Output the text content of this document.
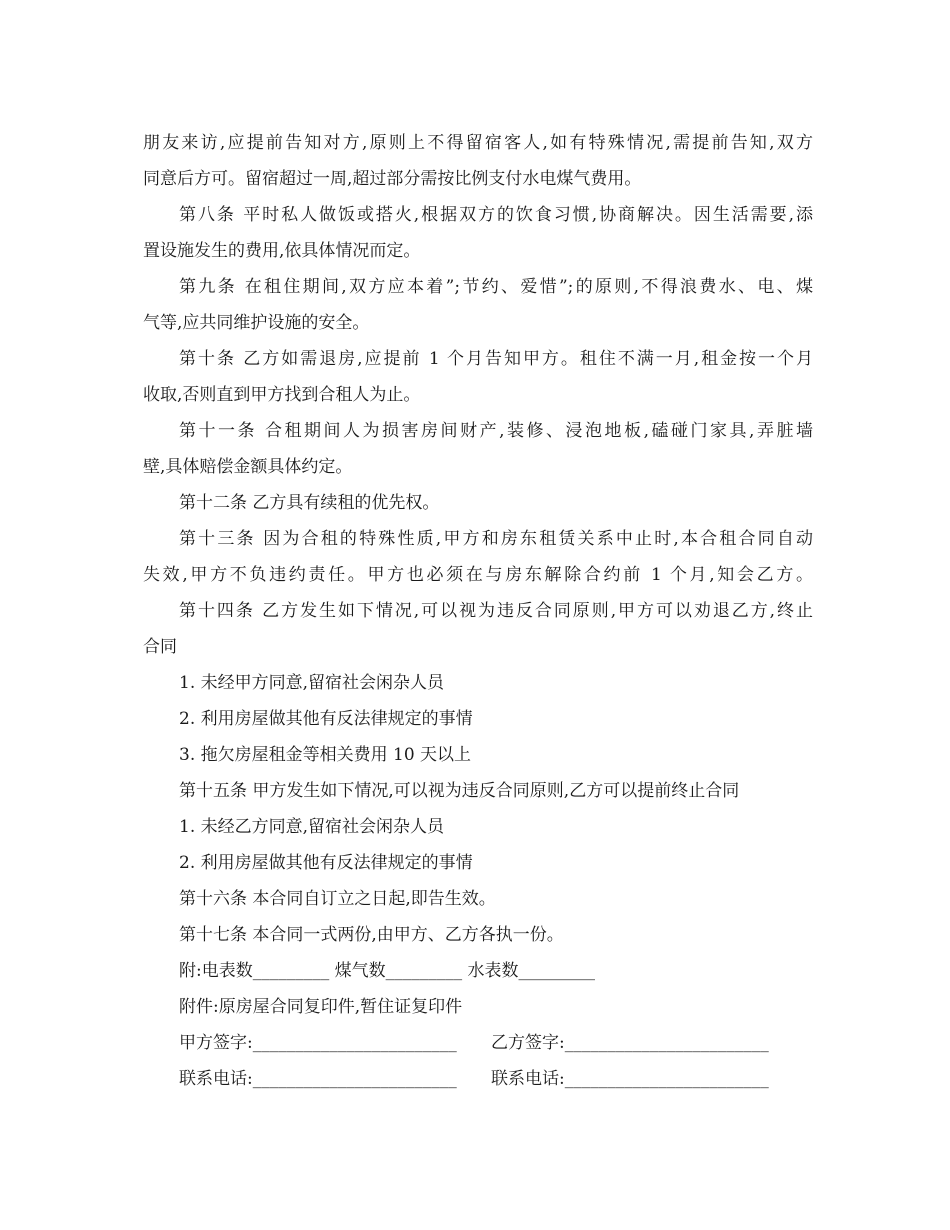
朋友来访,应提前告知对方,原则上不得留宿客人,如有特殊情况,需提前告知,双方
同意后方可。留宿超过一周,超过部分需按比例支付水电煤气费用。
第八条 平时私人做饭或搭火,根据双方的饮食习惯,协商解决。因生活需要,添
置设施发生的费用,依具体情况而定。
第九条 在租住期间,双方应本着”;节约、爱惜”;的原则,不得浪费水、电、煤
气等,应共同维护设施的安全。
第十条 乙方如需退房,应提前 1 个月告知甲方。租住不满一月,租金按一个月
收取,否则直到甲方找到合租人为止。
第十一条 合租期间人为损害房间财产,装修、浸泡地板,磕碰门家具,弄脏墙
壁,具体赔偿金额具体约定。
第十二条 乙方具有续租的优先权。
第十三条 因为合租的特殊性质,甲方和房东租赁关系中止时,本合租合同自动
失效,甲方不负违约责任。甲方也必须在与房东解除合约前 1 个月,知会乙方。
第十四条 乙方发生如下情况,可以视为违反合同原则,甲方可以劝退乙方,终止
合同
1. 未经甲方同意,留宿社会闲杂人员
2. 利用房屋做其他有反法律规定的事情
3. 拖欠房屋租金等相关费用 10 天以上
第十五条 甲方发生如下情况,可以视为违反合同原则,乙方可以提前终止合同
1. 未经乙方同意,留宿社会闲杂人员
2. 利用房屋做其他有反法律规定的事情
第十六条 本合同自订立之日起,即告生效。
第十七条 本合同一式两份,由甲方、乙方各执一份。
附:电表数_________ 煤气数_________ 水表数_________
附件:原房屋合同复印件,暂住证复印件
甲方签字:________________________ 乙方签字:________________________
联系电话:________________________ 联系电话:________________________
